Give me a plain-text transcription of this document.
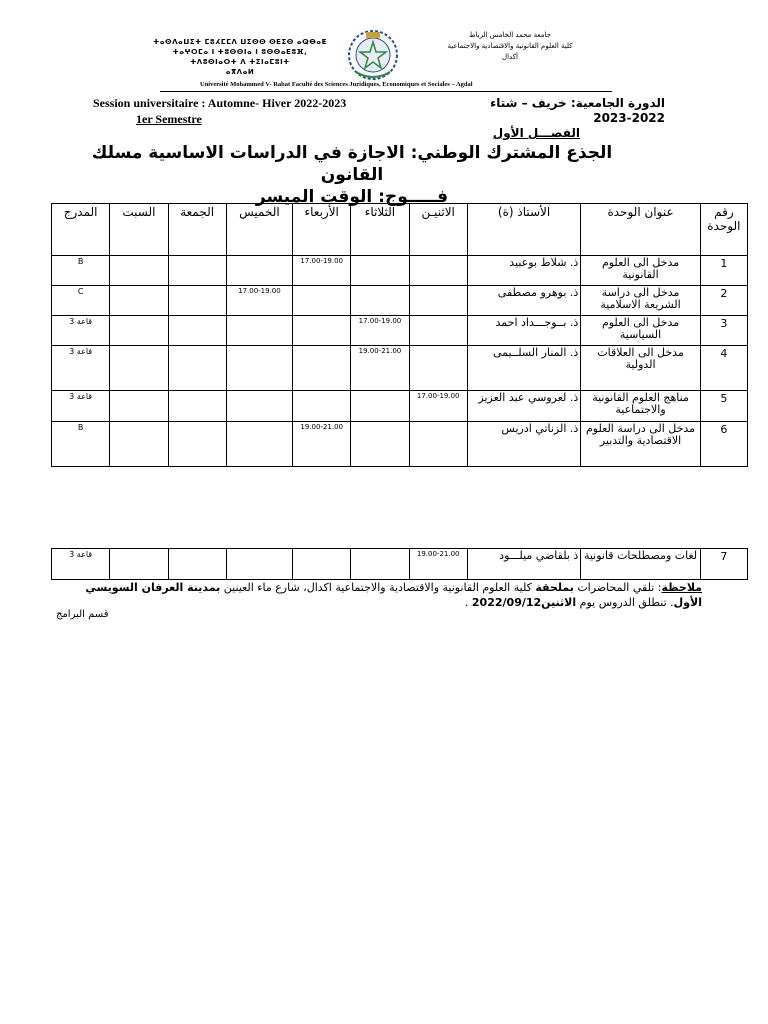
ⵜⴰⵙⴷⴰⵡⵉⵜ ⵎⵓⵃⵎⵎⴷ ⵡⵉⵙⵙ ⵙⴹⵉⵙ ⴰⵕⴱⴰⵟ
ⵜⴰⵖⵔⵎⴰ ⵏ ⵜⵓⵙⵙⵏⴰ ⵏ ⵓⵙⵙⴰⴹⵓⴼ,
ⵜⴷⵓⵙⵏⴰⵔⵜ ⴷ ⵜⵉⵏⴰⵎⵓⵏⵜ
ⴰⴳⴷⴰⵍ
جامعة محمد الخامس الرباط
كلية العلوم القانونية والاقتصادية والاجتماعية
أكدال
Université Mohammed V- Rabat Faculté des Sciences Juridiques, Economiques et Sociales – Agdal
Session universitaire : Automne- Hiver 2022-2023
1er Semestre
الدورة الجامعية: خريف – شتاء
2023-2022
الفصـــل الأول
الجذع المشترك الوطني: الاجازة في الدراسات الاساسية مسلك
القانون
فـــــوج: الوقت الميسر
رقم الوحدة	عنوان الوحدة	الأستاذ (ة)	الاثنيـن	الثلاثاء	الأربعاء	الخميس	الجمعة	السبت	المدرج
1	مدخل الى العلوم القانونية	ذ. شلاط بوعبيد			17.00-19.00				B
2	مدخل الى دراسة الشريعة الاسلامية	ذ. بوهرو مصطفى				17.00-19.00			C
3	مدخل الى العلوم السياسية	ذ. بــوجـــداد احمد		17.00-19.00					قاعة 3
4	مدخل الى العلاقات الدولية	ذ. المنار السلــيمى		19.00-21.00					قاعة 3
5	مناهج العلوم القانونية والاجتماعية	ذ. لعروسي عبد العزيز	17.00-19.00						قاعة 3
6	مدخل الى دراسة العلوم الاقتصادية والتدبير	ذ. الزناتي ادريس			19.00-21.00				B
7	لغات ومصطلحات قانونية	ذ بلقاضي ميلـــود	19.00-21.00						قاعة 3
ملاحظة: تلقي المحاضرات بملحقة كلية العلوم القانونية والاقتصادية والاجتماعية اكدال، شارع ماء العينين بمدينة العرفان السويسي الأول. تنطلق الدروس يوم الاثنين2022/09/12 .
قسم البرامج
